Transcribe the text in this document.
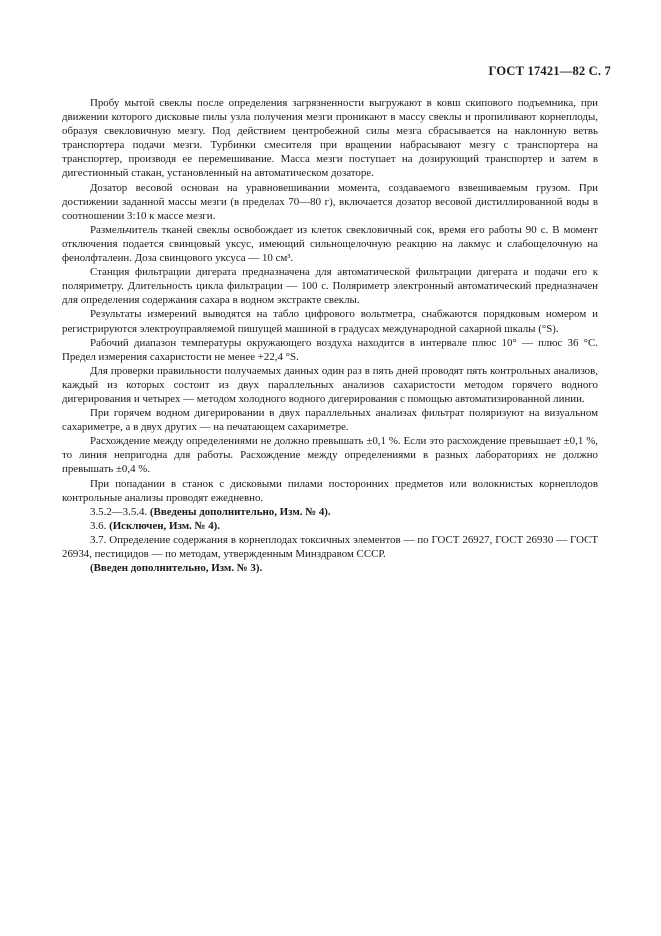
ГОСТ 17421—82 С. 7

Пробу мытой свеклы после определения загрязненности выгружают в ковш скипового подъемника, при движении которого дисковые пилы узла получения мезги проникают в массу свеклы и пропиливают корнеплоды, образуя свекловичную мезгу. Под действием центробежной силы мезга сбрасывается на наклонную ветвь транспортера подачи мезги. Турбинки смесителя при вращении набрасывают мезгу с транспортера на транспортер, производя ее перемешивание. Масса мезги поступает на дозирующий транспортер и затем в дигестионный стакан, установленный на автоматическом дозаторе.

Дозатор весовой основан на уравновешивании момента, создаваемого взвешиваемым грузом. При достижении заданной массы мезги (в пределах 70—80 г), включается дозатор весовой дистиллированной воды в соотношении 3:10 к массе мезги.

Размельчитель тканей свеклы освобождает из клеток свекловичный сок, время его работы 90 с. В момент отключения подается свинцовый уксус, имеющий сильнощелочную реакцию на лакмус и слабощелочную на фенолфталеин. Доза свинцового уксуса — 10 см³.

Станция фильтрации дигерата предназначена для автоматической фильтрации дигерата и подачи его к поляриметру. Длительность цикла фильтрации — 100 с. Поляриметр электронный автоматический предназначен для определения содержания сахара в водном экстракте свеклы.

Результаты измерений выводятся на табло цифрового вольтметра, снабжаются порядковым номером и регистрируются электроуправляемой пишущей машиной в градусах международной сахарной шкалы (°S).

Рабочий диапазон температуры окружающего воздуха находится в интервале плюс 10° — плюс 36 °С. Предел измерения сахаристости не менее +22,4 °S.

Для проверки правильности получаемых данных один раз в пять дней проводят пять контрольных анализов, каждый из которых состоит из двух параллельных анализов сахаристости методом горячего водного дигерирования и четырех — методом холодного водного дигерирования с помощью автоматизированной линии.

При горячем водном дигерировании в двух параллельных анализах фильтрат поляризуют на визуальном сахариметре, а в двух других — на печатающем сахариметре.

Расхождение между определениями не должно превышать ±0,1 %. Если это расхождение превышает ±0,1 %, то линия непригодна для работы. Расхождение между определениями в разных лабораториях не должно превышать ±0,4 %.

При попадании в станок с дисковыми пилами посторонних предметов или волокнистых корнеплодов контрольные анализы проводят ежедневно.

3.5.2—3.5.4. (Введены дополнительно, Изм. № 4).

3.6. (Исключен, Изм. № 4).

3.7. Определение содержания в корнеплодах токсичных элементов — по ГОСТ 26927, ГОСТ 26930 — ГОСТ 26934, пестицидов — по методам, утвержденным Минздравом СССР.

(Введен дополнительно, Изм. № 3).
